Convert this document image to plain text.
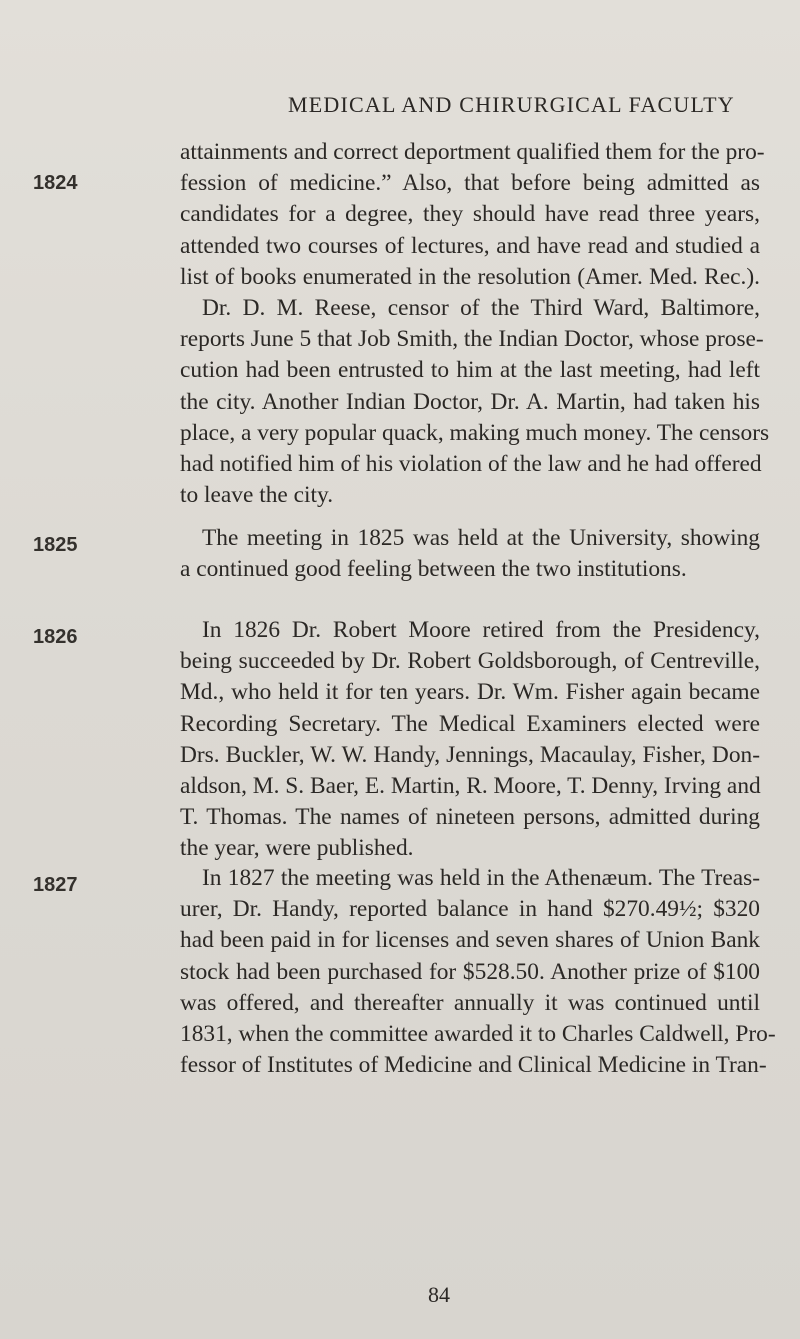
MEDICAL AND CHIRURGICAL FACULTY
1824
1825
1826
1827
attainments and correct deportment qualified them for the pro-
fession of medicine.” Also, that before being admitted as
candidates for a degree, they should have read three years,
attended two courses of lectures, and have read and studied a
list of books enumerated in the resolution (Amer. Med. Rec.).
Dr. D. M. Reese, censor of the Third Ward, Baltimore,
reports June 5 that Job Smith, the Indian Doctor, whose prose-
cution had been entrusted to him at the last meeting, had left
the city. Another Indian Doctor, Dr. A. Martin, had taken his
place, a very popular quack, making much money. The censors
had notified him of his violation of the law and he had offered
to leave the city.
The meeting in 1825 was held at the University, showing
a continued good feeling between the two institutions.
In 1826 Dr. Robert Moore retired from the Presidency,
being succeeded by Dr. Robert Goldsborough, of Centreville,
Md., who held it for ten years. Dr. Wm. Fisher again became
Recording Secretary. The Medical Examiners elected were
Drs. Buckler, W. W. Handy, Jennings, Macaulay, Fisher, Don-
aldson, M. S. Baer, E. Martin, R. Moore, T. Denny, Irving and
T. Thomas. The names of nineteen persons, admitted during
the year, were published.
In 1827 the meeting was held in the Athenæum. The Treas-
urer, Dr. Handy, reported balance in hand $270.49½; $320
had been paid in for licenses and seven shares of Union Bank
stock had been purchased for $528.50. Another prize of $100
was offered, and thereafter annually it was continued until
1831, when the committee awarded it to Charles Caldwell, Pro-
fessor of Institutes of Medicine and Clinical Medicine in Tran-
84
